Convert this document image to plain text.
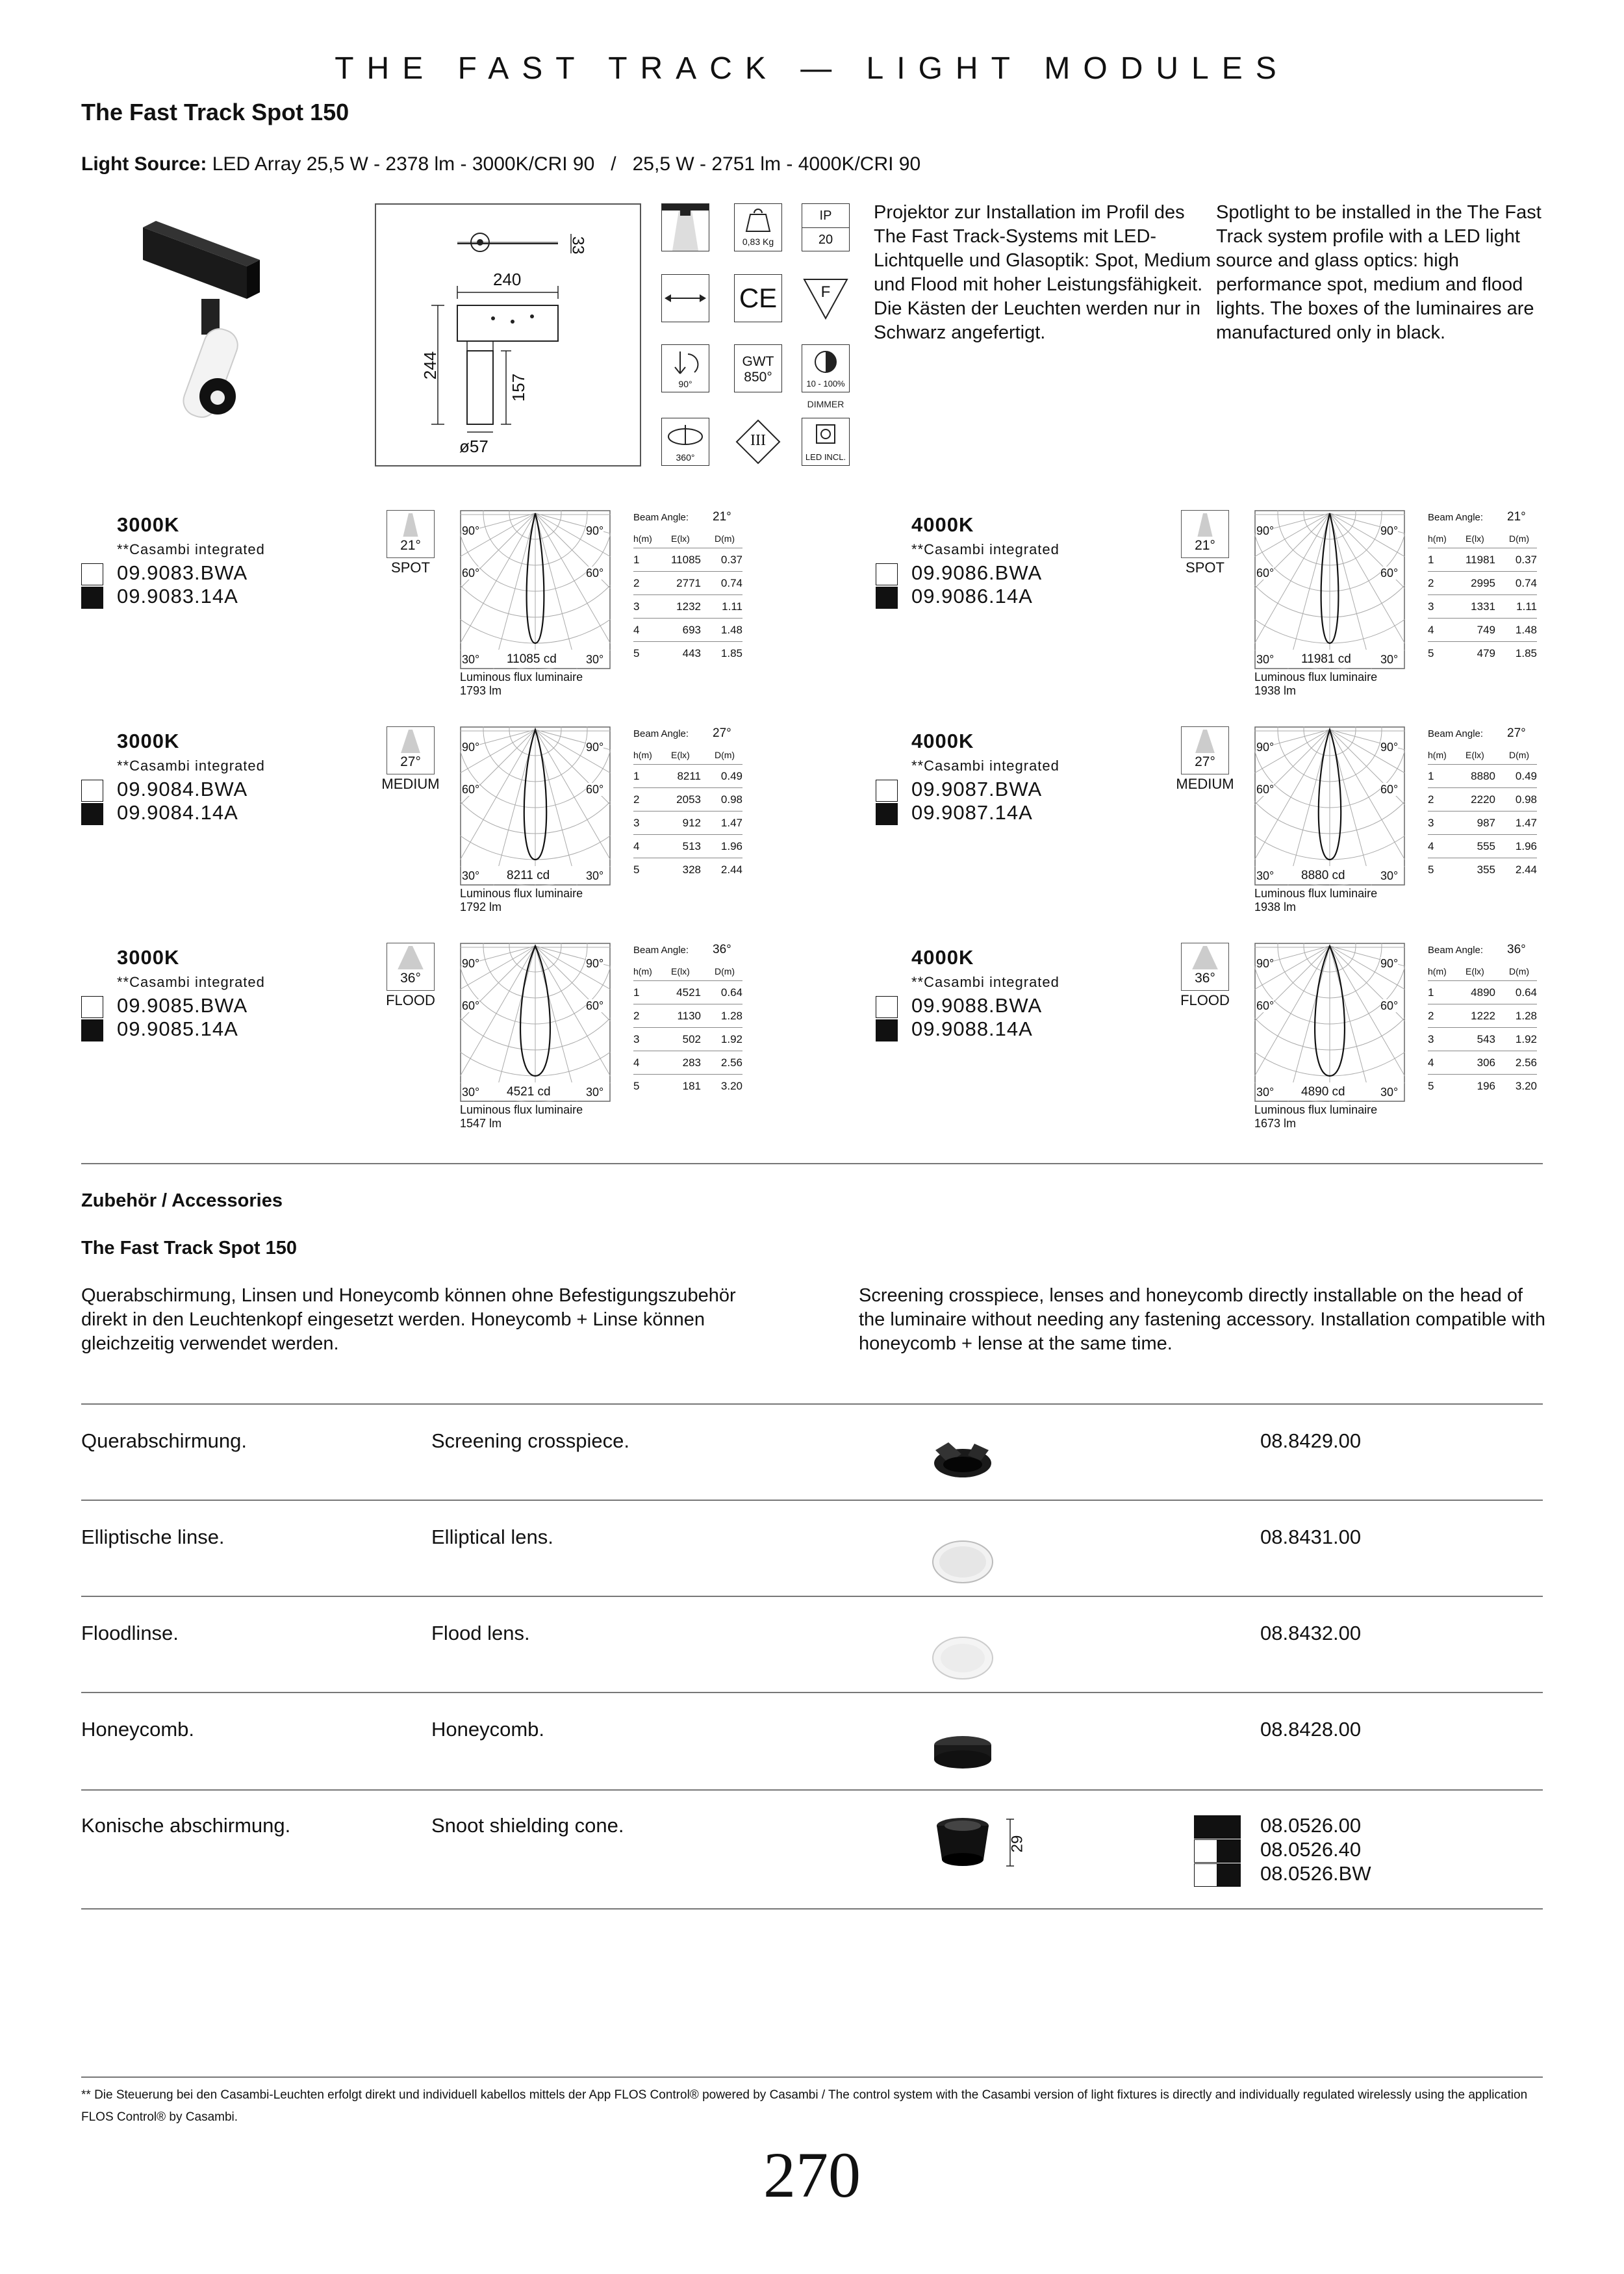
THE FAST TRACK — LIGHT MODULES
The Fast Track Spot 150
Light Source: LED Array 25,5 W - 2378 lm - 3000K/CRI 90   /   25,5 W - 2751 lm - 4000K/CRI 90
33
240
244
157
ø57
0,83 Kg
IP
20
CE	F
90°
GWT
850°	10 - 100%
DIMMER
360°
III
LED INCL.
Projektor zur Installation im Profil des The Fast Track-Systems mit LED-Lichtquelle und Glasoptik: Spot, Medium und Flood mit hoher Leistungsfähigkeit. Die Kästen der Leuchten werden nur in Schwarz angefertigt.
Spotlight to be installed in the The Fast Track system profile with a LED light source and glass optics: high performance spot, medium and flood lights. The boxes of the luminaires are manufactured only in black.
3000K
**Casambi integrated
09.9083.BWA
09.9083.14A
21°
SPOT
90°	90°
60°	60°
30°	30°
11085 cd
Luminous flux luminaire
1793 lm
Beam Angle: 21°
h(m) E(lx)	D(m)
1	11085 0.37
2	2771 0.74
3	1232 1.11
4	693 1.48
5	443 1.85
4000K
**Casambi integrated
09.9086.BWA
09.9086.14A
21°
SPOT
90°	90°
60°	60°
30°	30°
11981 cd
Luminous flux luminaire
1938 lm
Beam Angle: 21°
h(m) E(lx)	D(m)
1	11981 0.37
2	2995 0.74
3	1331 1.11
4	749 1.48
5	479 1.85
3000K
**Casambi integrated
09.9084.BWA
09.9084.14A
27°
MEDIUM
90°	90°
60°	60°
30°	30°
8211 cd
Luminous flux luminaire
1792 lm
Beam Angle: 27°
h(m) E(lx)	D(m)
1	8211 0.49
2	2053 0.98
3	912 1.47
4	513 1.96
5	328 2.44
4000K
**Casambi integrated
09.9087.BWA
09.9087.14A
27°
MEDIUM
90°	90°
60°	60°
30°	30°
8880 cd
Luminous flux luminaire
1938 lm
Beam Angle: 27°
h(m) E(lx)	D(m)
1	8880 0.49
2	2220 0.98
3	987 1.47
4	555 1.96
5	355 2.44
3000K
**Casambi integrated
09.9085.BWA
09.9085.14A
36°
FLOOD
90°	90°
60°	60°
30°	30°
4521 cd
Luminous flux luminaire
1547 lm
Beam Angle: 36°
h(m) E(lx)	D(m)
1	4521 0.64
2	1130 1.28
3	502 1.92
4	283 2.56
5	181 3.20
4000K
**Casambi integrated
09.9088.BWA
09.9088.14A
36°
FLOOD
90°	90°
60°	60°
30°	30°
4890 cd
Luminous flux luminaire
1673 lm
Beam Angle: 36°
h(m) E(lx)	D(m)
1	4890 0.64
2	1222 1.28
3	543 1.92
4	306 2.56
5	196 3.20
Zubehör / Accessories
The Fast Track Spot 150
Querabschirmung, Linsen und Honeycomb können ohne Befestigungszubehör direkt in den Leuchtenkopf eingesetzt werden. Honeycomb + Linse können gleichzeitig verwendet werden.
Screening crosspiece, lenses and honeycomb directly installable on the head of the luminaire without needing any fastening accessory. Installation compatible with honeycomb + lense at the same time.
Querabschirmung.	Screening crosspiece.	08.8429.00
Elliptische linse.	Elliptical lens.	08.8431.00
Floodlinse.	Flood lens.	08.8432.00
Honeycomb.	Honeycomb.	08.8428.00
Konische abschirmung.	Snoot shielding cone.	08.0526.00
08.0526.40
08.0526.BW
29
** Die Steuerung bei den Casambi-Leuchten erfolgt direkt und individuell kabellos mittels der App FLOS Control® powered by Casambi / The control system with the Casambi version of light fixtures is directly and individually regulated wirelessly using the application FLOS Control® by Casambi.
270
